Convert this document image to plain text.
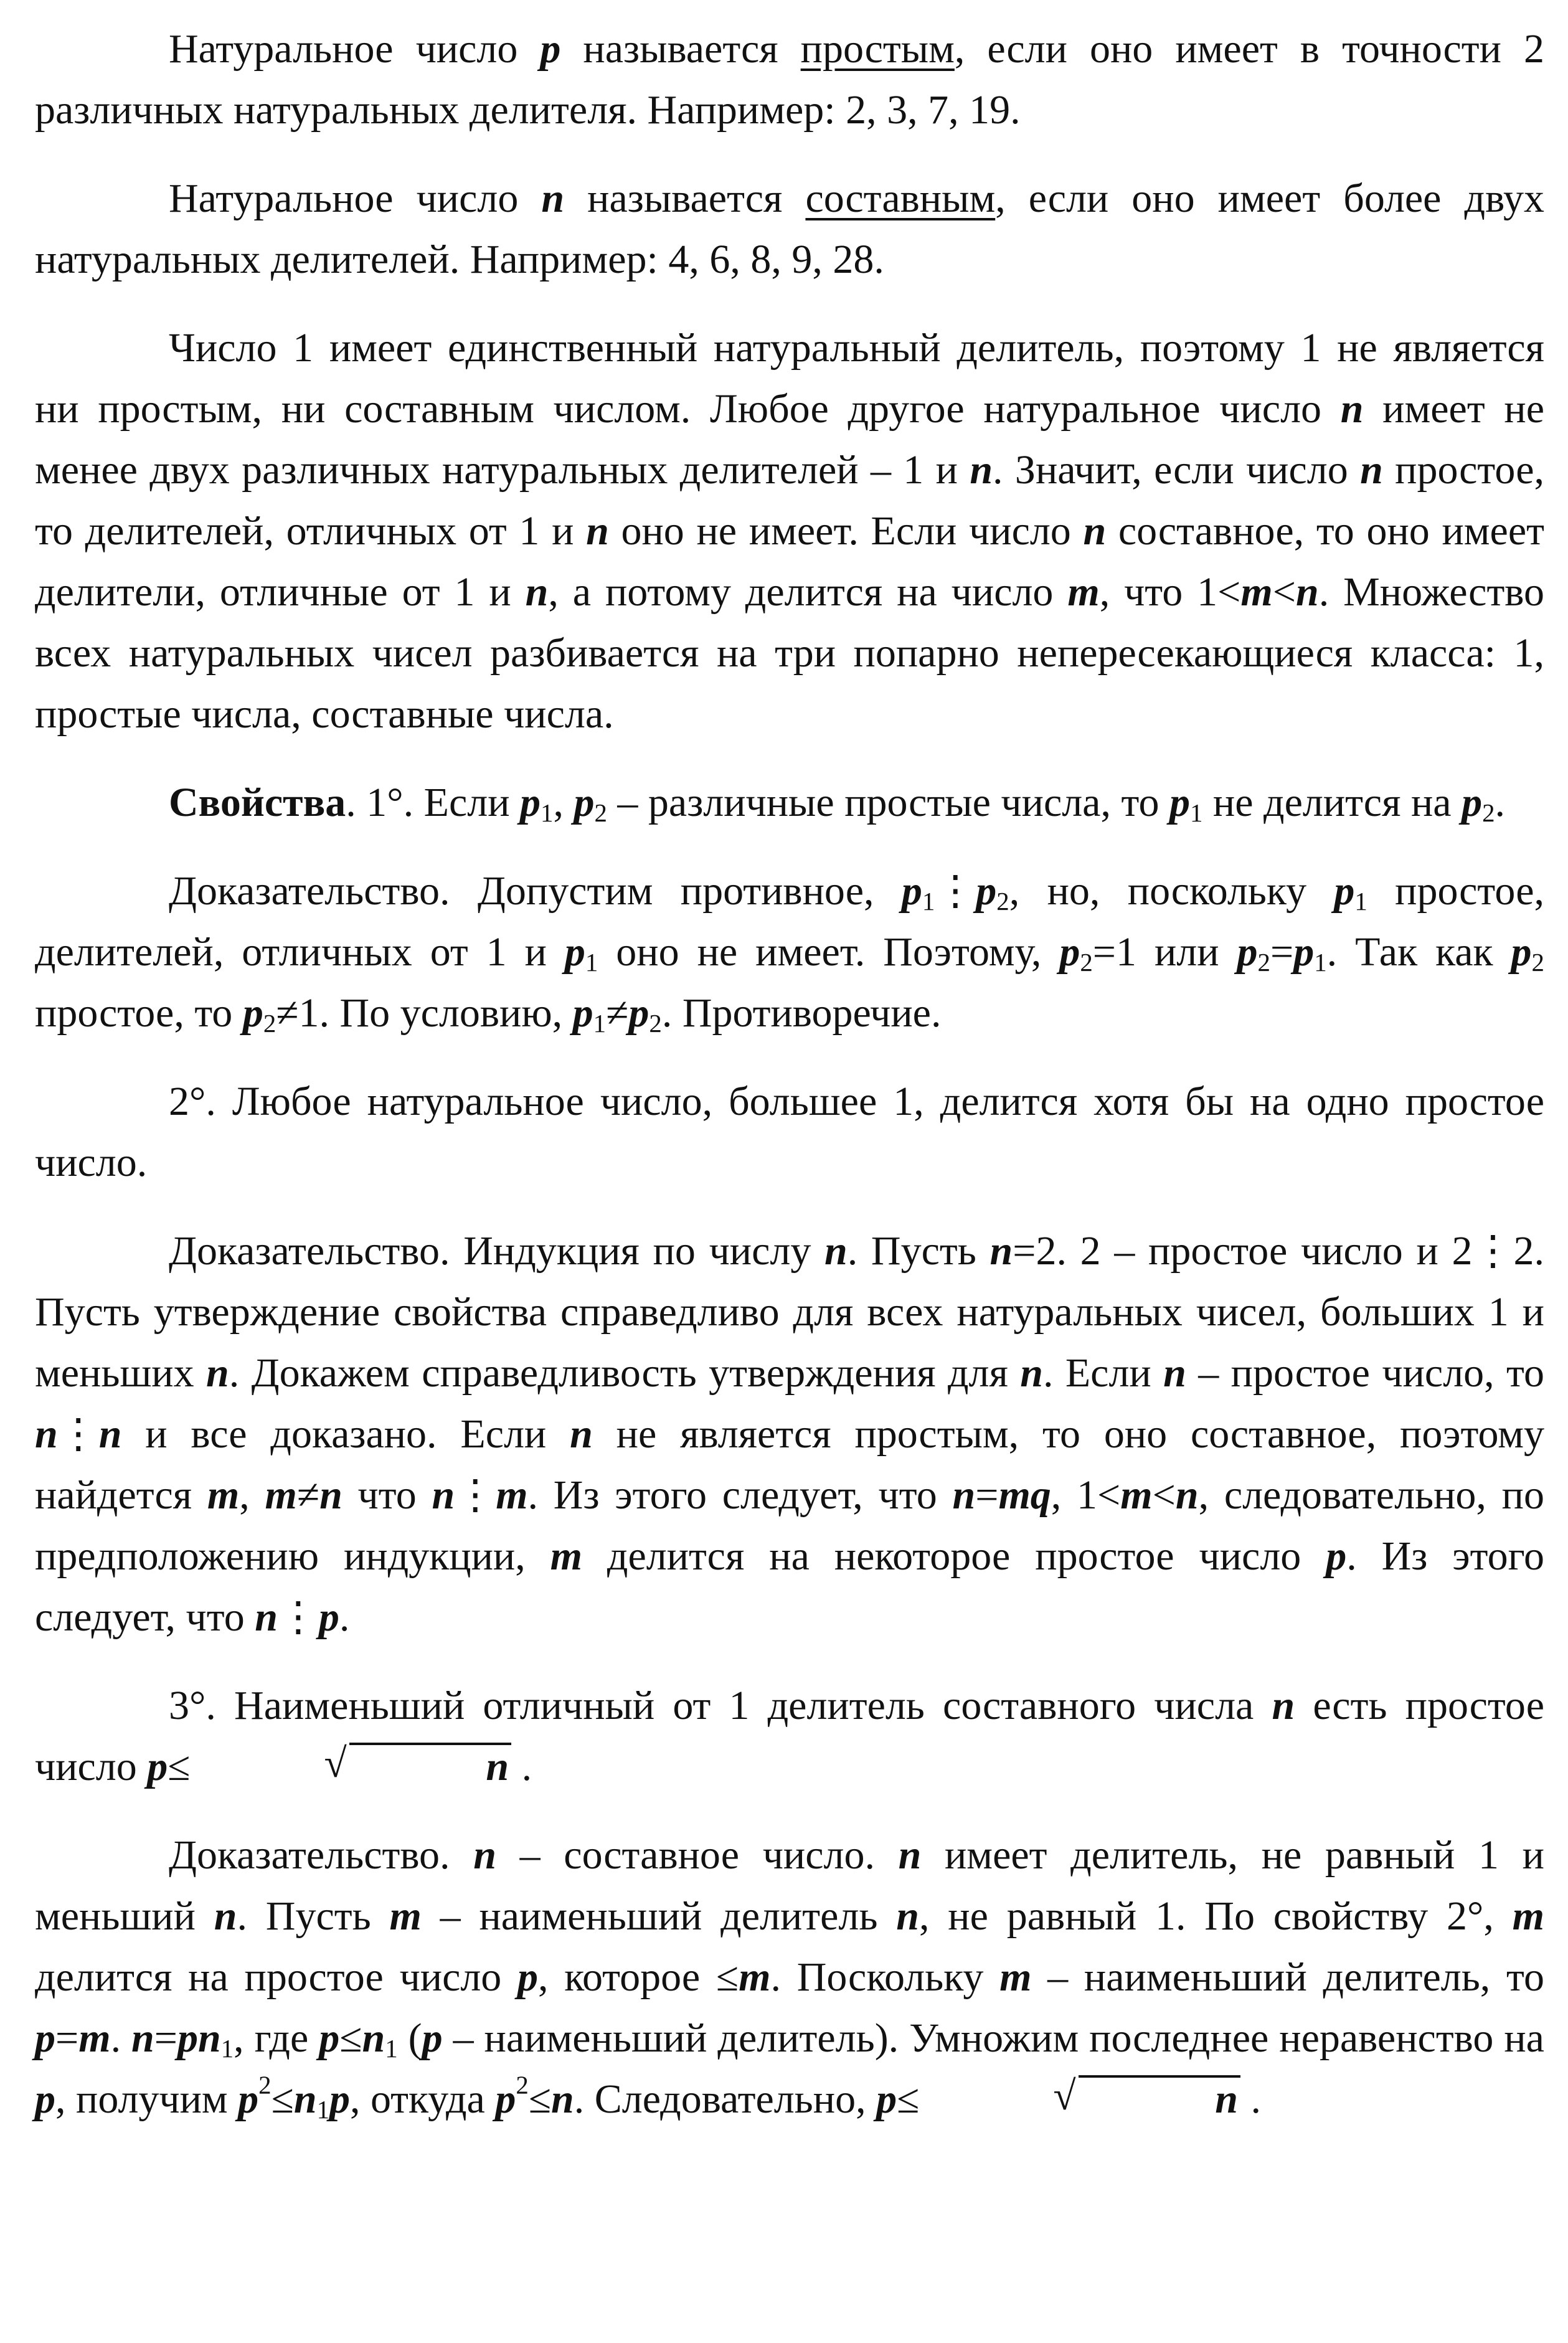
Натуральное число p называется простым, если оно имеет в точности 2 различных натуральных делителя. Например: 2, 3, 7, 19.

Натуральное число n называется составным, если оно имеет более двух натуральных делителей. Например: 4, 6, 8, 9, 28.

Число 1 имеет единственный натуральный делитель, поэтому 1 не является ни простым, ни составным числом. Любое другое натуральное число n имеет не менее двух различных натуральных делителей – 1 и n. Значит, если число n простое, то делителей, отличных от 1 и n оно не имеет. Если число n составное, то оно имеет делители, отличные от 1 и n, а потому делится на число m, что 1<m<n. Множество всех натуральных чисел разбивается на три попарно непересекающиеся класса: 1, простые числа, составные числа.

Свойства. 1°. Если $p_1$, $p_2$ – различные простые числа, то $p_1$ не делится на $p_2$.

Доказательство. Допустим противное, $p_1⋮p_2$, но, поскольку $p_1$ простое, делителей, отличных от 1 и $p_1$ оно не имеет. Поэтому, $p_2=1$ или $p_2=p_1$. Так как $p_2$ простое, то $p_2\ne 1$. По условию, $p_1\ne p_2$. Противоречие.

2°. Любое натуральное число, большее 1, делится хотя бы на одно простое число.

Доказательство. Индукция по числу n. Пусть n=2. 2 – простое число и 2⋮2. Пусть утверждение свойства справедливо для всех натуральных чисел, больших 1 и меньших n. Докажем справедливость утверждения для n. Если n – простое число, то n⋮n и все доказано. Если n не является простым, то оно составное, поэтому найдется m, m≠n что n⋮m. Из этого следует, что n=mq, 1<m<n, следовательно, по предположению индукции, m делится на некоторое простое число p. Из этого следует, что n⋮p.

3°. Наименьший отличный от 1 делитель составного числа n есть простое число p≤	√	n .

Доказательство. n – составное число. n имеет делитель, не равный 1 и меньший n. Пусть m – наименьший делитель n, не равный 1. По свойству 2°, m делится на простое число p, которое ≤m. Поскольку m – наименьший делитель, то p=m. $n=pn_1$, где $p\le n_1$ (p – наименьший делитель). Умножим последнее неравенство на p, получим $p^2\le n_1p$, откуда $p^2\le n$. Следовательно, p≤	√	n .
